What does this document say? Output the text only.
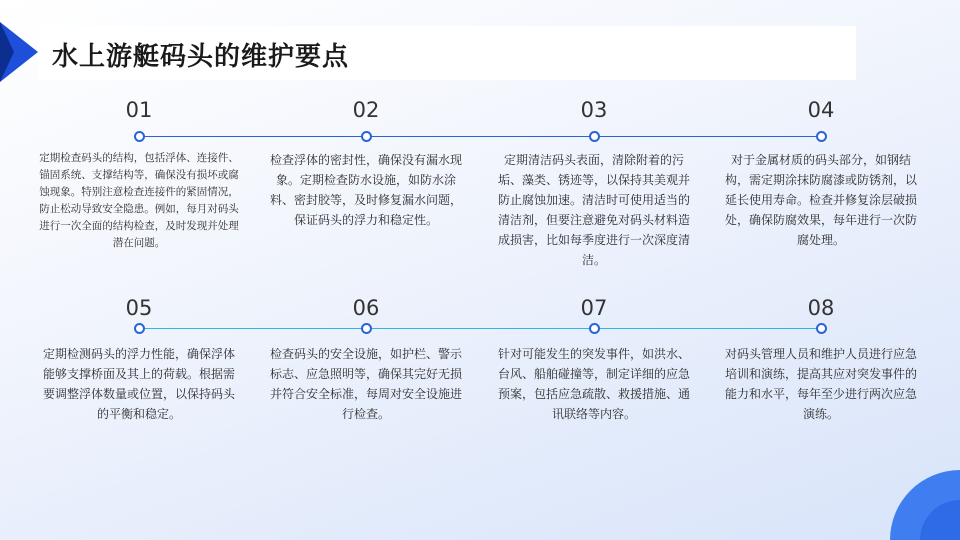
水上游艇码头的维护要点
01
定期检查码头的结构，包括浮体、连接件、锚固系统、支撑结构等，确保没有损坏或腐蚀现象。特别注意检查连接件的紧固情况，防止松动导致安全隐患。例如，每月对码头进行一次全面的结构检查，及时发现并处理潜在问题。
02
检查浮体的密封性，确保没有漏水现象。定期检查防水设施，如防水涂料、密封胶等，及时修复漏水问题，保证码头的浮力和稳定性。
03
定期清洁码头表面，清除附着的污垢、藻类、锈迹等，以保持其美观并防止腐蚀加速。清洁时可使用适当的清洁剂，但要注意避免对码头材料造成损害，比如每季度进行一次深度清洁。
04
对于金属材质的码头部分，如钢结构，需定期涂抹防腐漆或防锈剂，以延长使用寿命。检查并修复涂层破损处，确保防腐效果，每年进行一次防腐处理。
05
定期检测码头的浮力性能，确保浮体能够支撑桥面及其上的荷载。根据需要调整浮体数量或位置，以保持码头的平衡和稳定。
06
检查码头的安全设施，如护栏、警示标志、应急照明等，确保其完好无损并符合安全标准，每周对安全设施进行检查。
07
针对可能发生的突发事件，如洪水、台风、船舶碰撞等，制定详细的应急预案，包括应急疏散、救援措施、通讯联络等内容。
08
对码头管理人员和维护人员进行应急培训和演练，提高其应对突发事件的能力和水平，每年至少进行两次应急演练。
